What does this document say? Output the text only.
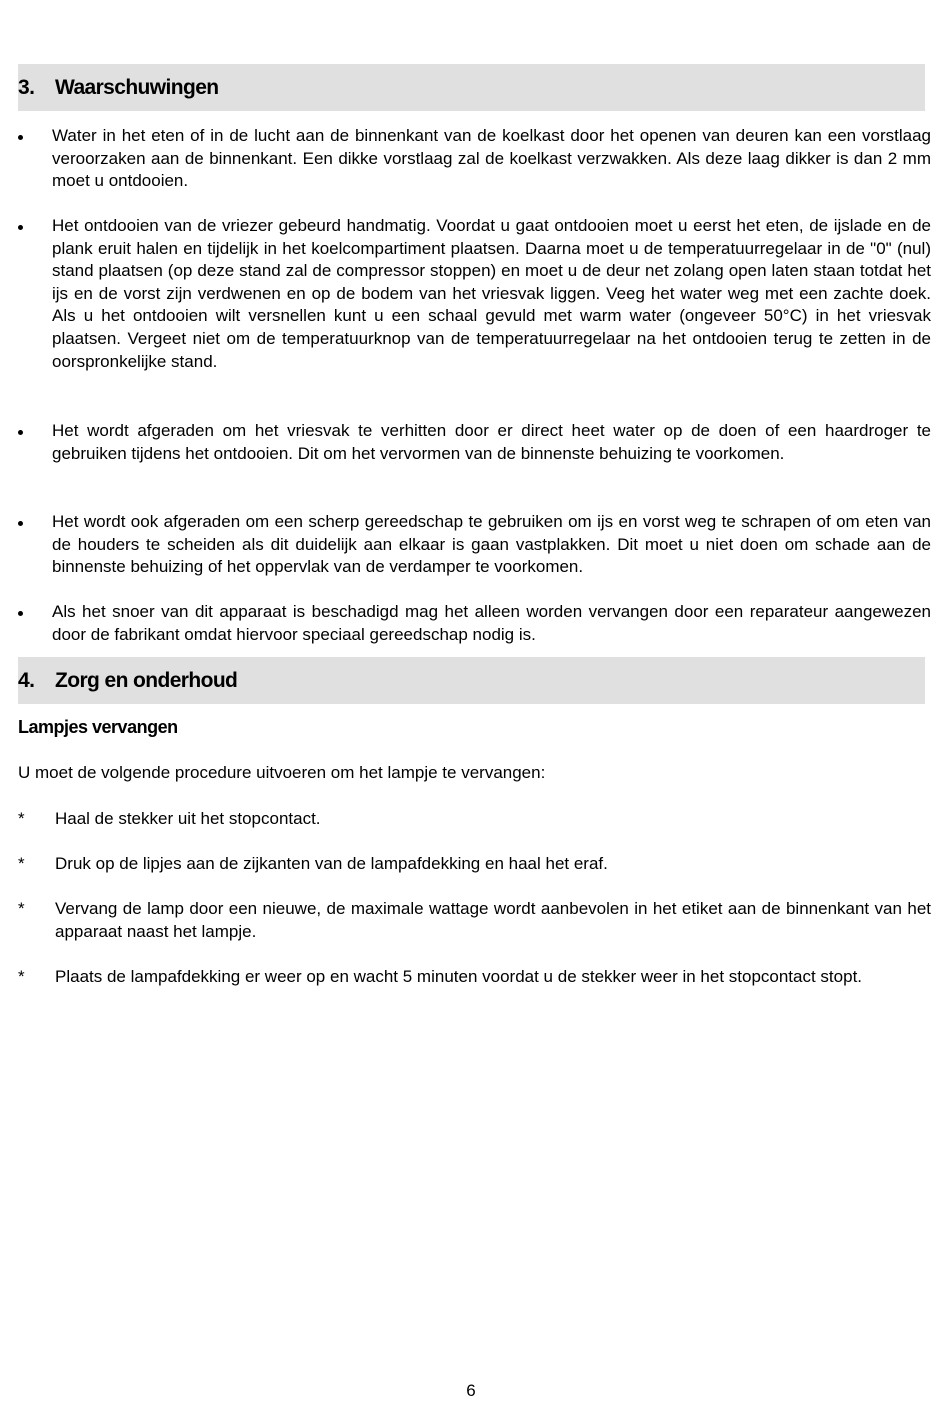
3. Waarschuwingen

Water in het eten of in de lucht aan de binnenkant van de koelkast door het openen van deuren kan een vorstlaag veroorzaken aan de binnenkant. Een dikke vorstlaag zal de koelkast verzwakken. Als deze laag dikker is dan 2 mm moet u ontdooien.

Het ontdooien van de vriezer gebeurd handmatig. Voordat u gaat ontdooien moet u eerst het eten, de ijslade en de plank eruit halen en tijdelijk in het koelcompartiment plaatsen. Daarna moet u de temperatuurregelaar in de "0" (nul) stand plaatsen (op deze stand zal de compressor stoppen) en moet u de deur net zolang open laten staan totdat het ijs en de vorst zijn verdwenen en op de bodem van het vriesvak liggen. Veeg het water weg met een zachte doek. Als u het ontdooien wilt versnellen kunt u een schaal gevuld met warm water (ongeveer 50°C) in het vriesvak plaatsen. Vergeet niet om de temperatuurknop van de temperatuurregelaar na het ontdooien terug te zetten in de oorspronkelijke stand.

Het wordt afgeraden om het vriesvak te verhitten door er direct heet water op de doen of een haardroger te gebruiken tijdens het ontdooien. Dit om het vervormen van de binnenste behuizing te voorkomen.

Het wordt ook afgeraden om een scherp gereedschap te gebruiken om ijs en vorst weg te schrapen of om eten van de houders te scheiden als dit duidelijk aan elkaar is gaan vastplakken. Dit moet u niet doen om schade aan de binnenste behuizing of het oppervlak van de verdamper te voorkomen.

Als het snoer van dit apparaat is beschadigd mag het alleen worden vervangen door een reparateur aangewezen door de fabrikant omdat hiervoor speciaal gereedschap nodig is.

4. Zorg en onderhoud
Lampjes vervangen
U moet de volgende procedure uitvoeren om het lampje te vervangen:
* Haal de stekker uit het stopcontact.

* Druk op de lipjes aan de zijkanten van de lampafdekking en haal het eraf.

* Vervang de lamp door een nieuwe, de maximale wattage wordt aanbevolen in het etiket aan de binnenkant van het apparaat naast het lampje.

* Plaats de lampafdekking er weer op en wacht 5 minuten voordat u de stekker weer in het stopcontact stopt.

6
